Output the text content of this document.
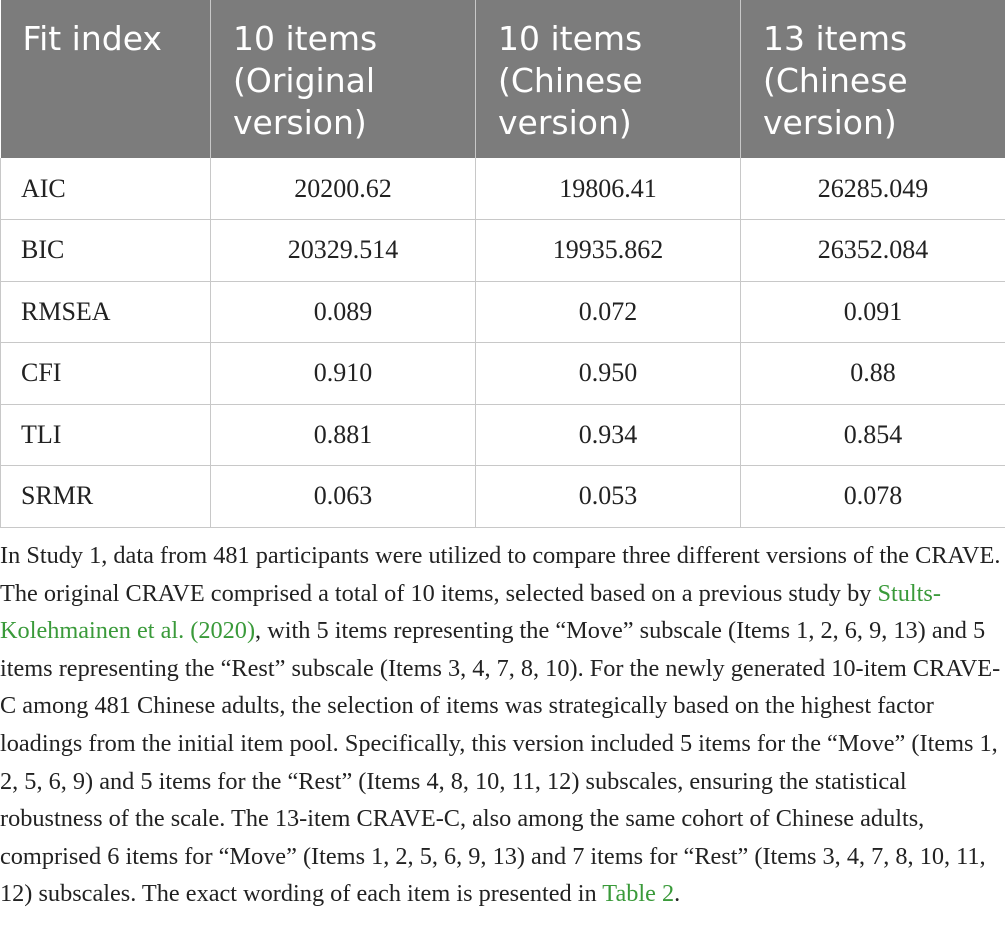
Fit index	10 items (Original version)	10 items (Chinese version)	13 items (Chinese version)
AIC	20200.62	19806.41	26285.049
BIC	20329.514	19935.862	26352.084
RMSEA	0.089	0.072	0.091
CFI	0.910	0.950	0.88
TLI	0.881	0.934	0.854
SRMR	0.063	0.053	0.078

In Study 1, data from 481 participants were utilized to compare three different versions of the CRAVE. The original CRAVE comprised a total of 10 items, selected based on a previous study by Stults-Kolehmainen et al. (2020), with 5 items representing the “Move” subscale (Items 1, 2, 6, 9, 13) and 5 items representing the “Rest” subscale (Items 3, 4, 7, 8, 10). For the newly generated 10-item CRAVE-C among 481 Chinese adults, the selection of items was strategically based on the highest factor loadings from the initial item pool. Specifically, this version included 5 items for the “Move” (Items 1, 2, 5, 6, 9) and 5 items for the “Rest” (Items 4, 8, 10, 11, 12) subscales, ensuring the statistical robustness of the scale. The 13-item CRAVE-C, also among the same cohort of Chinese adults, comprised 6 items for “Move” (Items 1, 2, 5, 6, 9, 13) and 7 items for “Rest” (Items 3, 4, 7, 8, 10, 11, 12) subscales. The exact wording of each item is presented in Table 2.
